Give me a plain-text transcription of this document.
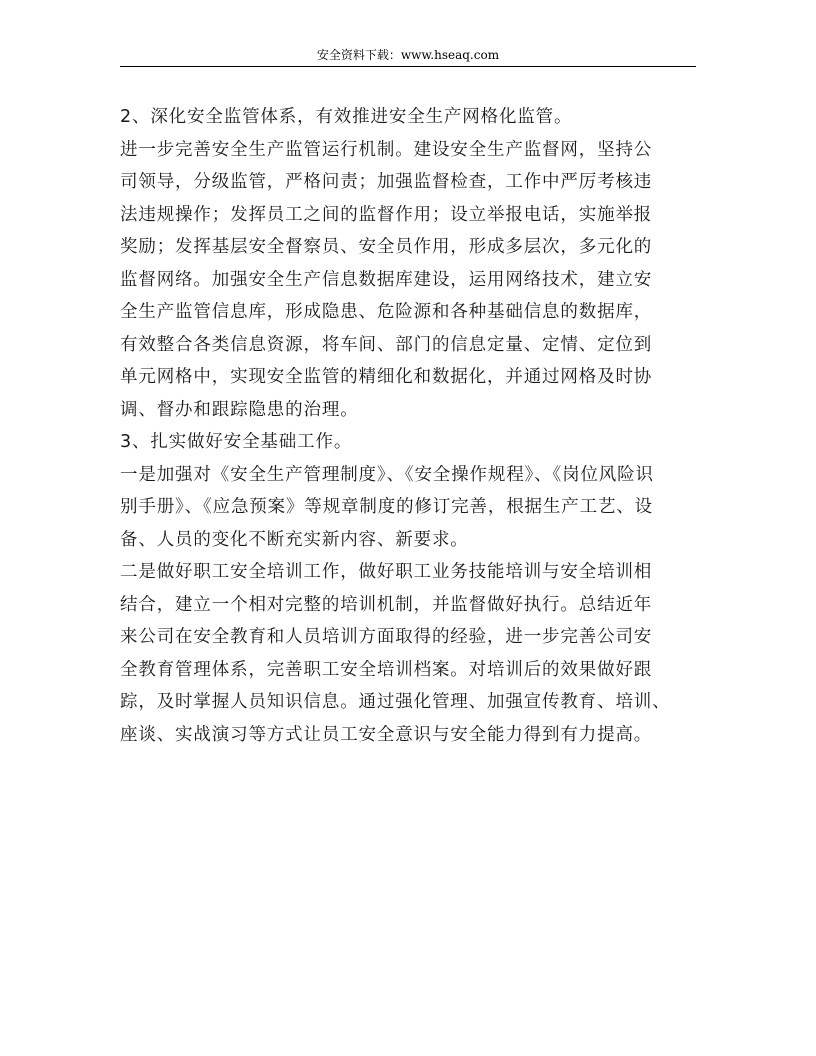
安全资料下载：www.hseaq.com

2、深化安全监管体系，有效推进安全生产网格化监管。

进一步完善安全生产监管运行机制。建设安全生产监督网，坚持公
司领导，分级监管，严格问责；加强监督检查，工作中严厉考核违
法违规操作；发挥员工之间的监督作用；设立举报电话，实施举报
奖励；发挥基层安全督察员、安全员作用，形成多层次，多元化的
监督网络。加强安全生产信息数据库建设，运用网络技术，建立安
全生产监管信息库，形成隐患、危险源和各种基础信息的数据库，
有效整合各类信息资源，将车间、部门的信息定量、定情、定位到
单元网格中，实现安全监管的精细化和数据化，并通过网格及时协
调、督办和跟踪隐患的治理。

3、扎实做好安全基础工作。

一是加强对《安全生产管理制度》、《安全操作规程》、《岗位风险识
别手册》、《应急预案》等规章制度的修订完善，根据生产工艺、设
备、人员的变化不断充实新内容、新要求。

二是做好职工安全培训工作，做好职工业务技能培训与安全培训相
结合，建立一个相对完整的培训机制，并监督做好执行。总结近年
来公司在安全教育和人员培训方面取得的经验，进一步完善公司安
全教育管理体系，完善职工安全培训档案。对培训后的效果做好跟
踪，及时掌握人员知识信息。通过强化管理、加强宣传教育、培训、
座谈、实战演习等方式让员工安全意识与安全能力得到有力提高。
